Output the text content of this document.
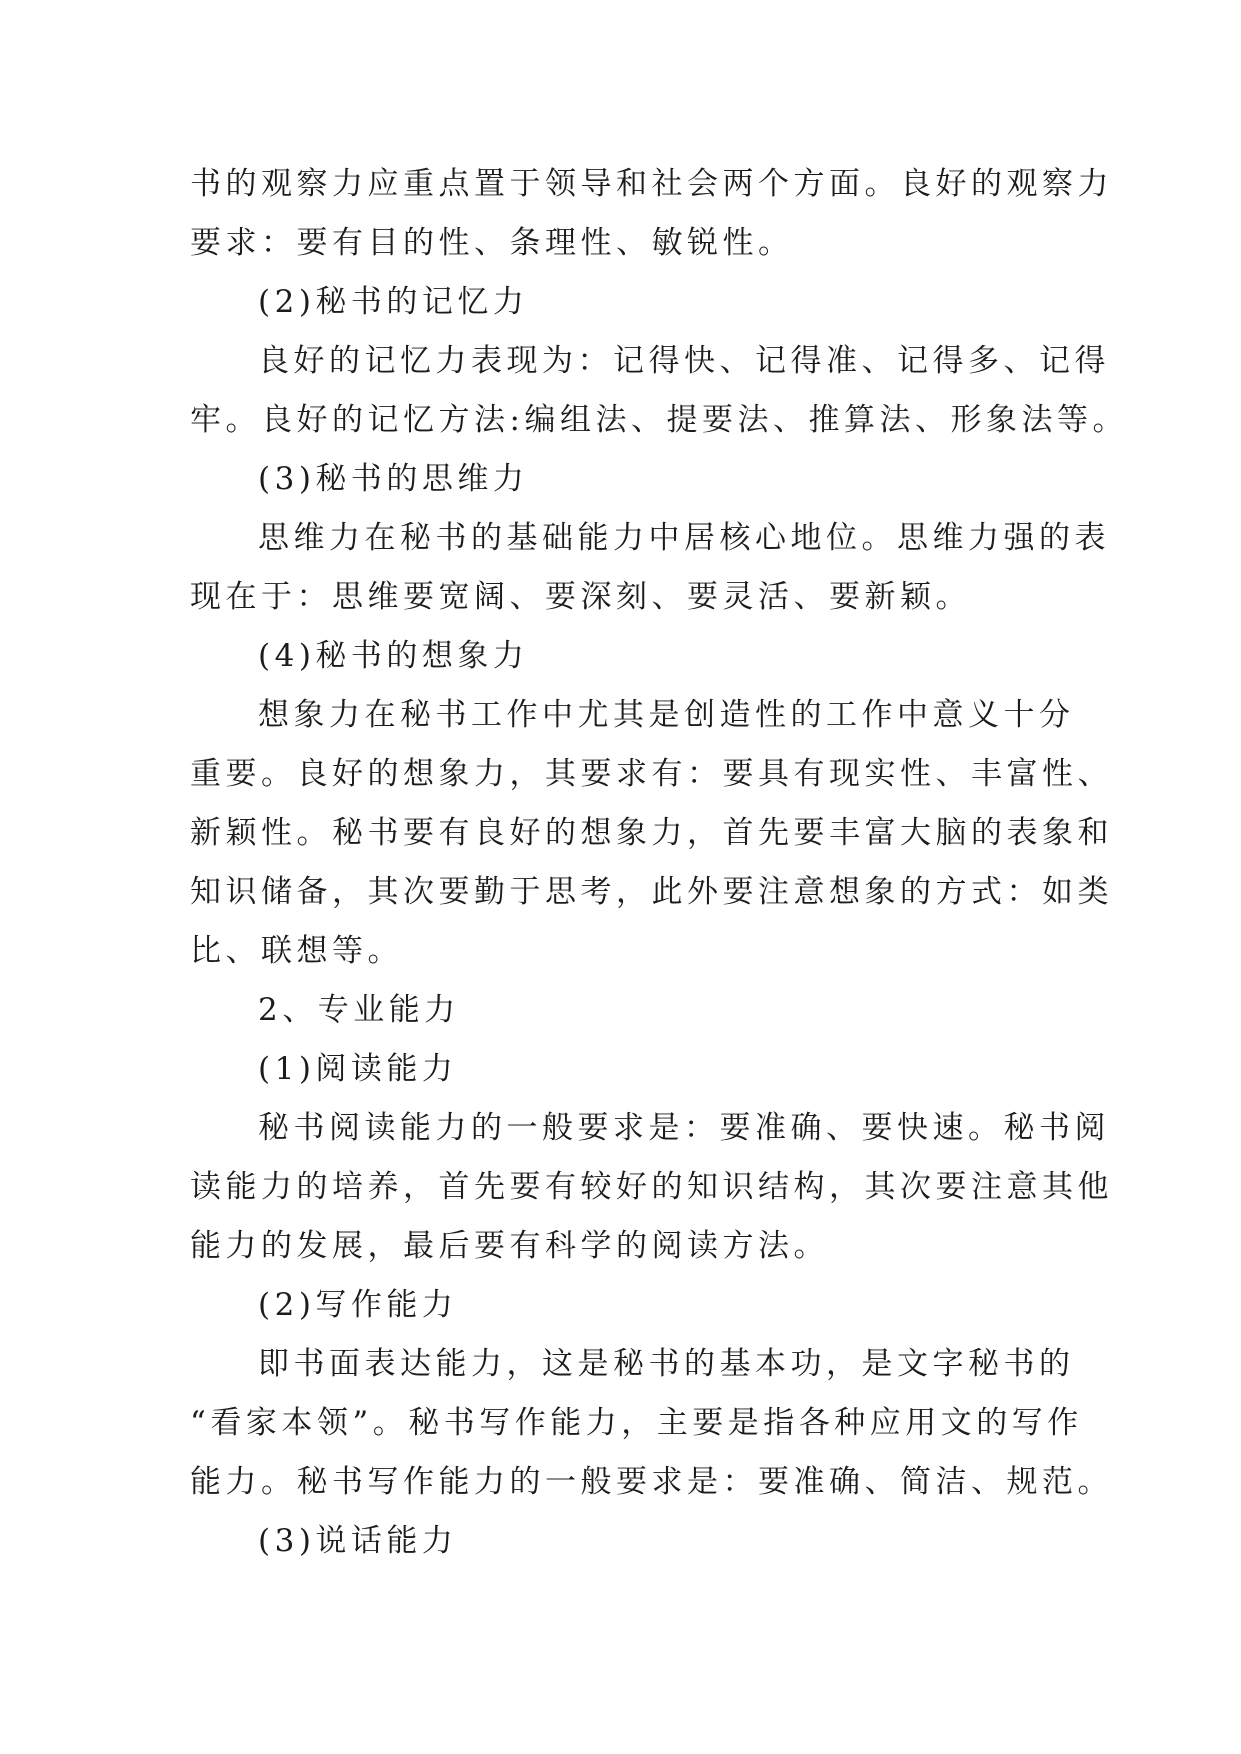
书的观察力应重点置于领导和社会两个方面。良好的观察力
要求：要有目的性、条理性、敏锐性。
(2)秘书的记忆力
良好的记忆力表现为：记得快、记得准、记得多、记得
牢。良好的记忆方法:编组法、提要法、推算法、形象法等。
(3)秘书的思维力
思维力在秘书的基础能力中居核心地位。思维力强的表
现在于：思维要宽阔、要深刻、要灵活、要新颖。
(4)秘书的想象力
想象力在秘书工作中尤其是创造性的工作中意义十分
重要。良好的想象力，其要求有：要具有现实性、丰富性、
新颖性。秘书要有良好的想象力，首先要丰富大脑的表象和
知识储备，其次要勤于思考，此外要注意想象的方式：如类
比、联想等。
2、专业能力
(1)阅读能力
秘书阅读能力的一般要求是：要准确、要快速。秘书阅
读能力的培养，首先要有较好的知识结构，其次要注意其他
能力的发展，最后要有科学的阅读方法。
(2)写作能力
即书面表达能力，这是秘书的基本功，是文字秘书的
“看家本领”。秘书写作能力，主要是指各种应用文的写作
能力。秘书写作能力的一般要求是：要准确、简洁、规范。
(3)说话能力
